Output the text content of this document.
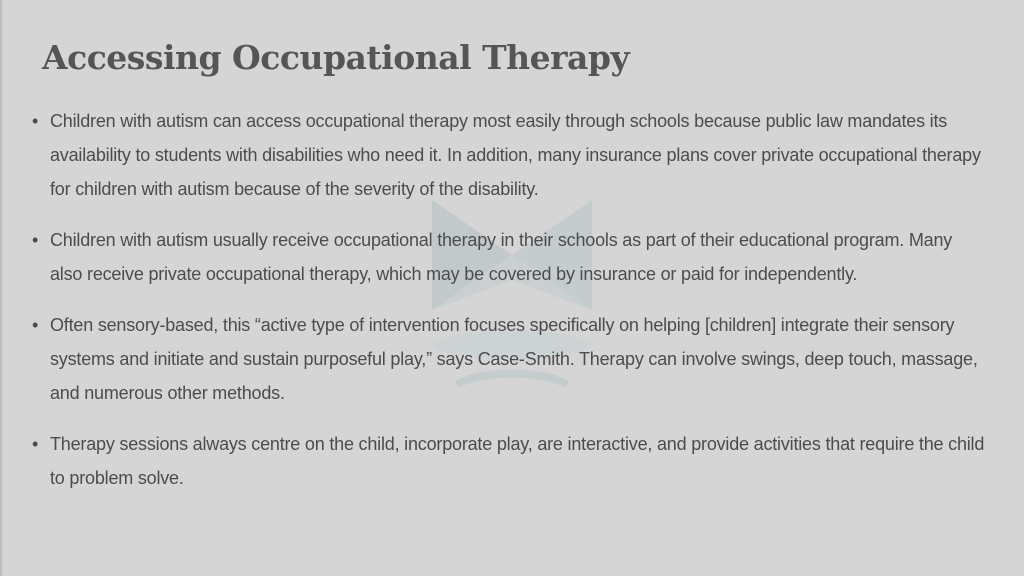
Accessing Occupational Therapy
• Children with autism can access occupational therapy most easily through schools because public law mandates its availability to students with disabilities who need it. In addition, many insurance plans cover private occupational therapy for children with autism because of the severity of the disability.
• Children with autism usually receive occupational therapy in their schools as part of their educational program. Many also receive private occupational therapy, which may be covered by insurance or paid for independently.
• Often sensory-based, this “active type of intervention focuses specifically on helping [children] integrate their sensory systems and initiate and sustain purposeful play,” says Case-Smith. Therapy can involve swings, deep touch, massage, and numerous other methods.
• Therapy sessions always centre on the child, incorporate play, are interactive, and provide activities that require the child to problem solve.
